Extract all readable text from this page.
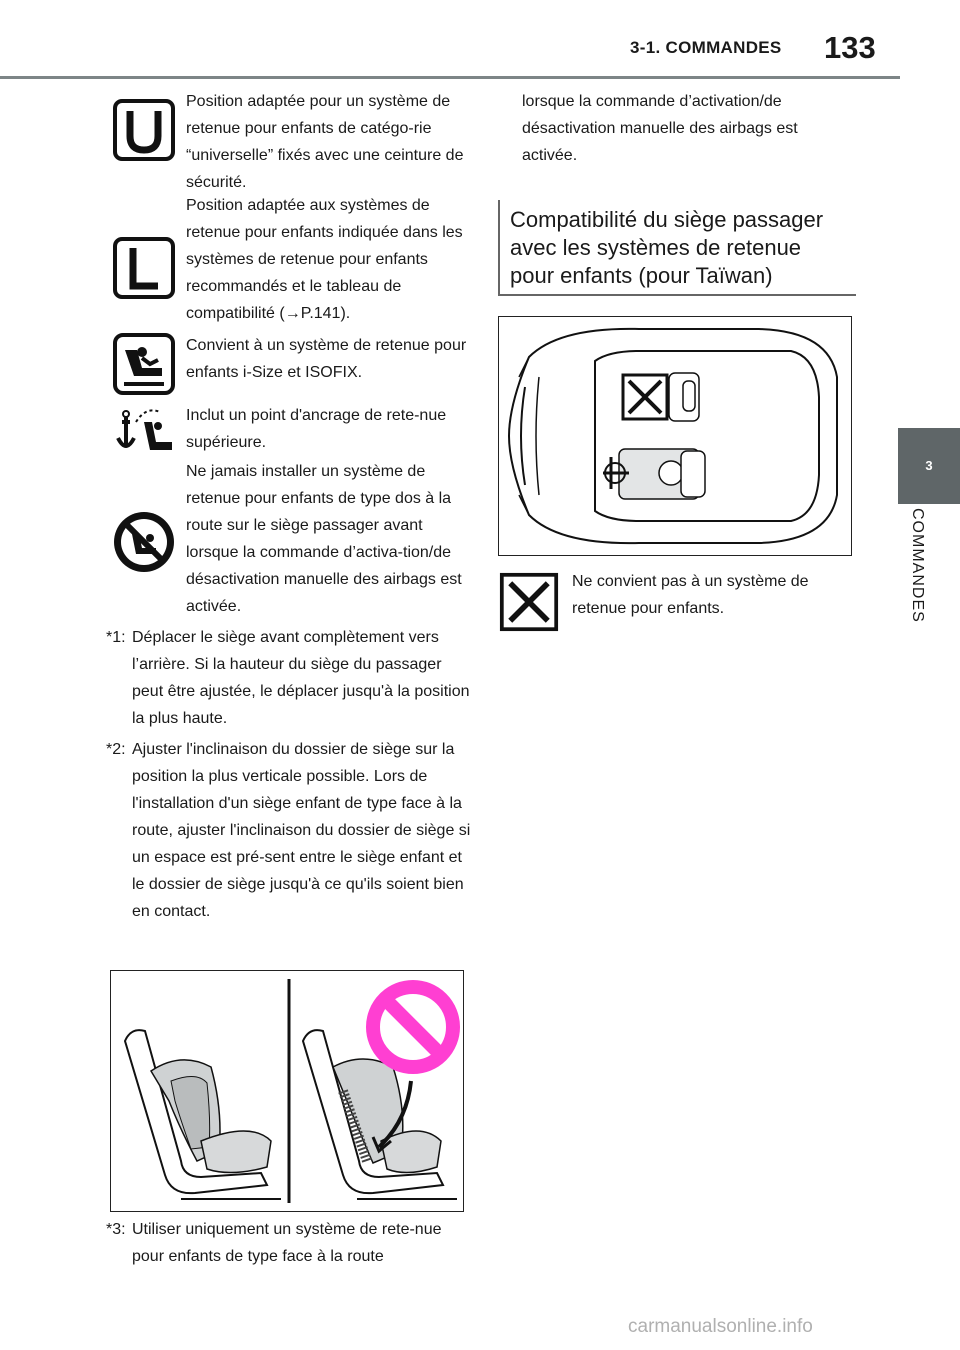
3-1. COMMANDES 133
3
COMMANDES
Position adaptée pour un système de retenue pour enfants de catégo-rie “universelle” fixés avec une ceinture de sécurité.
Position adaptée aux systèmes de retenue pour enfants indiquée dans les systèmes de retenue pour enfants recommandés et le tableau de compatibilité (→P.141).
Convient à un système de retenue pour enfants i-Size et ISOFIX.
Inclut un point d'ancrage de rete-nue supérieure.
Ne jamais installer un système de retenue pour enfants de type dos à la route sur le siège passager avant lorsque la commande d’activa-tion/de désactivation manuelle des airbags est activée.
*1: Déplacer le siège avant complètement vers l’arrière. Si la hauteur du siège du passager peut être ajustée, le déplacer jusqu'à la position la plus haute.
*2: Ajuster l'inclinaison du dossier de siège sur la position la plus verticale possible. Lors de l'installation d'un siège enfant de type face à la route, ajuster l'inclinaison du dossier de siège si un espace est pré-sent entre le siège enfant et le dossier de siège jusqu'à ce qu'ils soient bien en contact.
*3: Utiliser uniquement un système de rete-nue pour enfants de type face à la route
lorsque la commande d’activation/de désactivation manuelle des airbags est activée.
Compatibilité du siège passager avec les systèmes de retenue pour enfants (pour Taïwan)
Ne convient pas à un système de retenue pour enfants.
carmanualsonline.info
